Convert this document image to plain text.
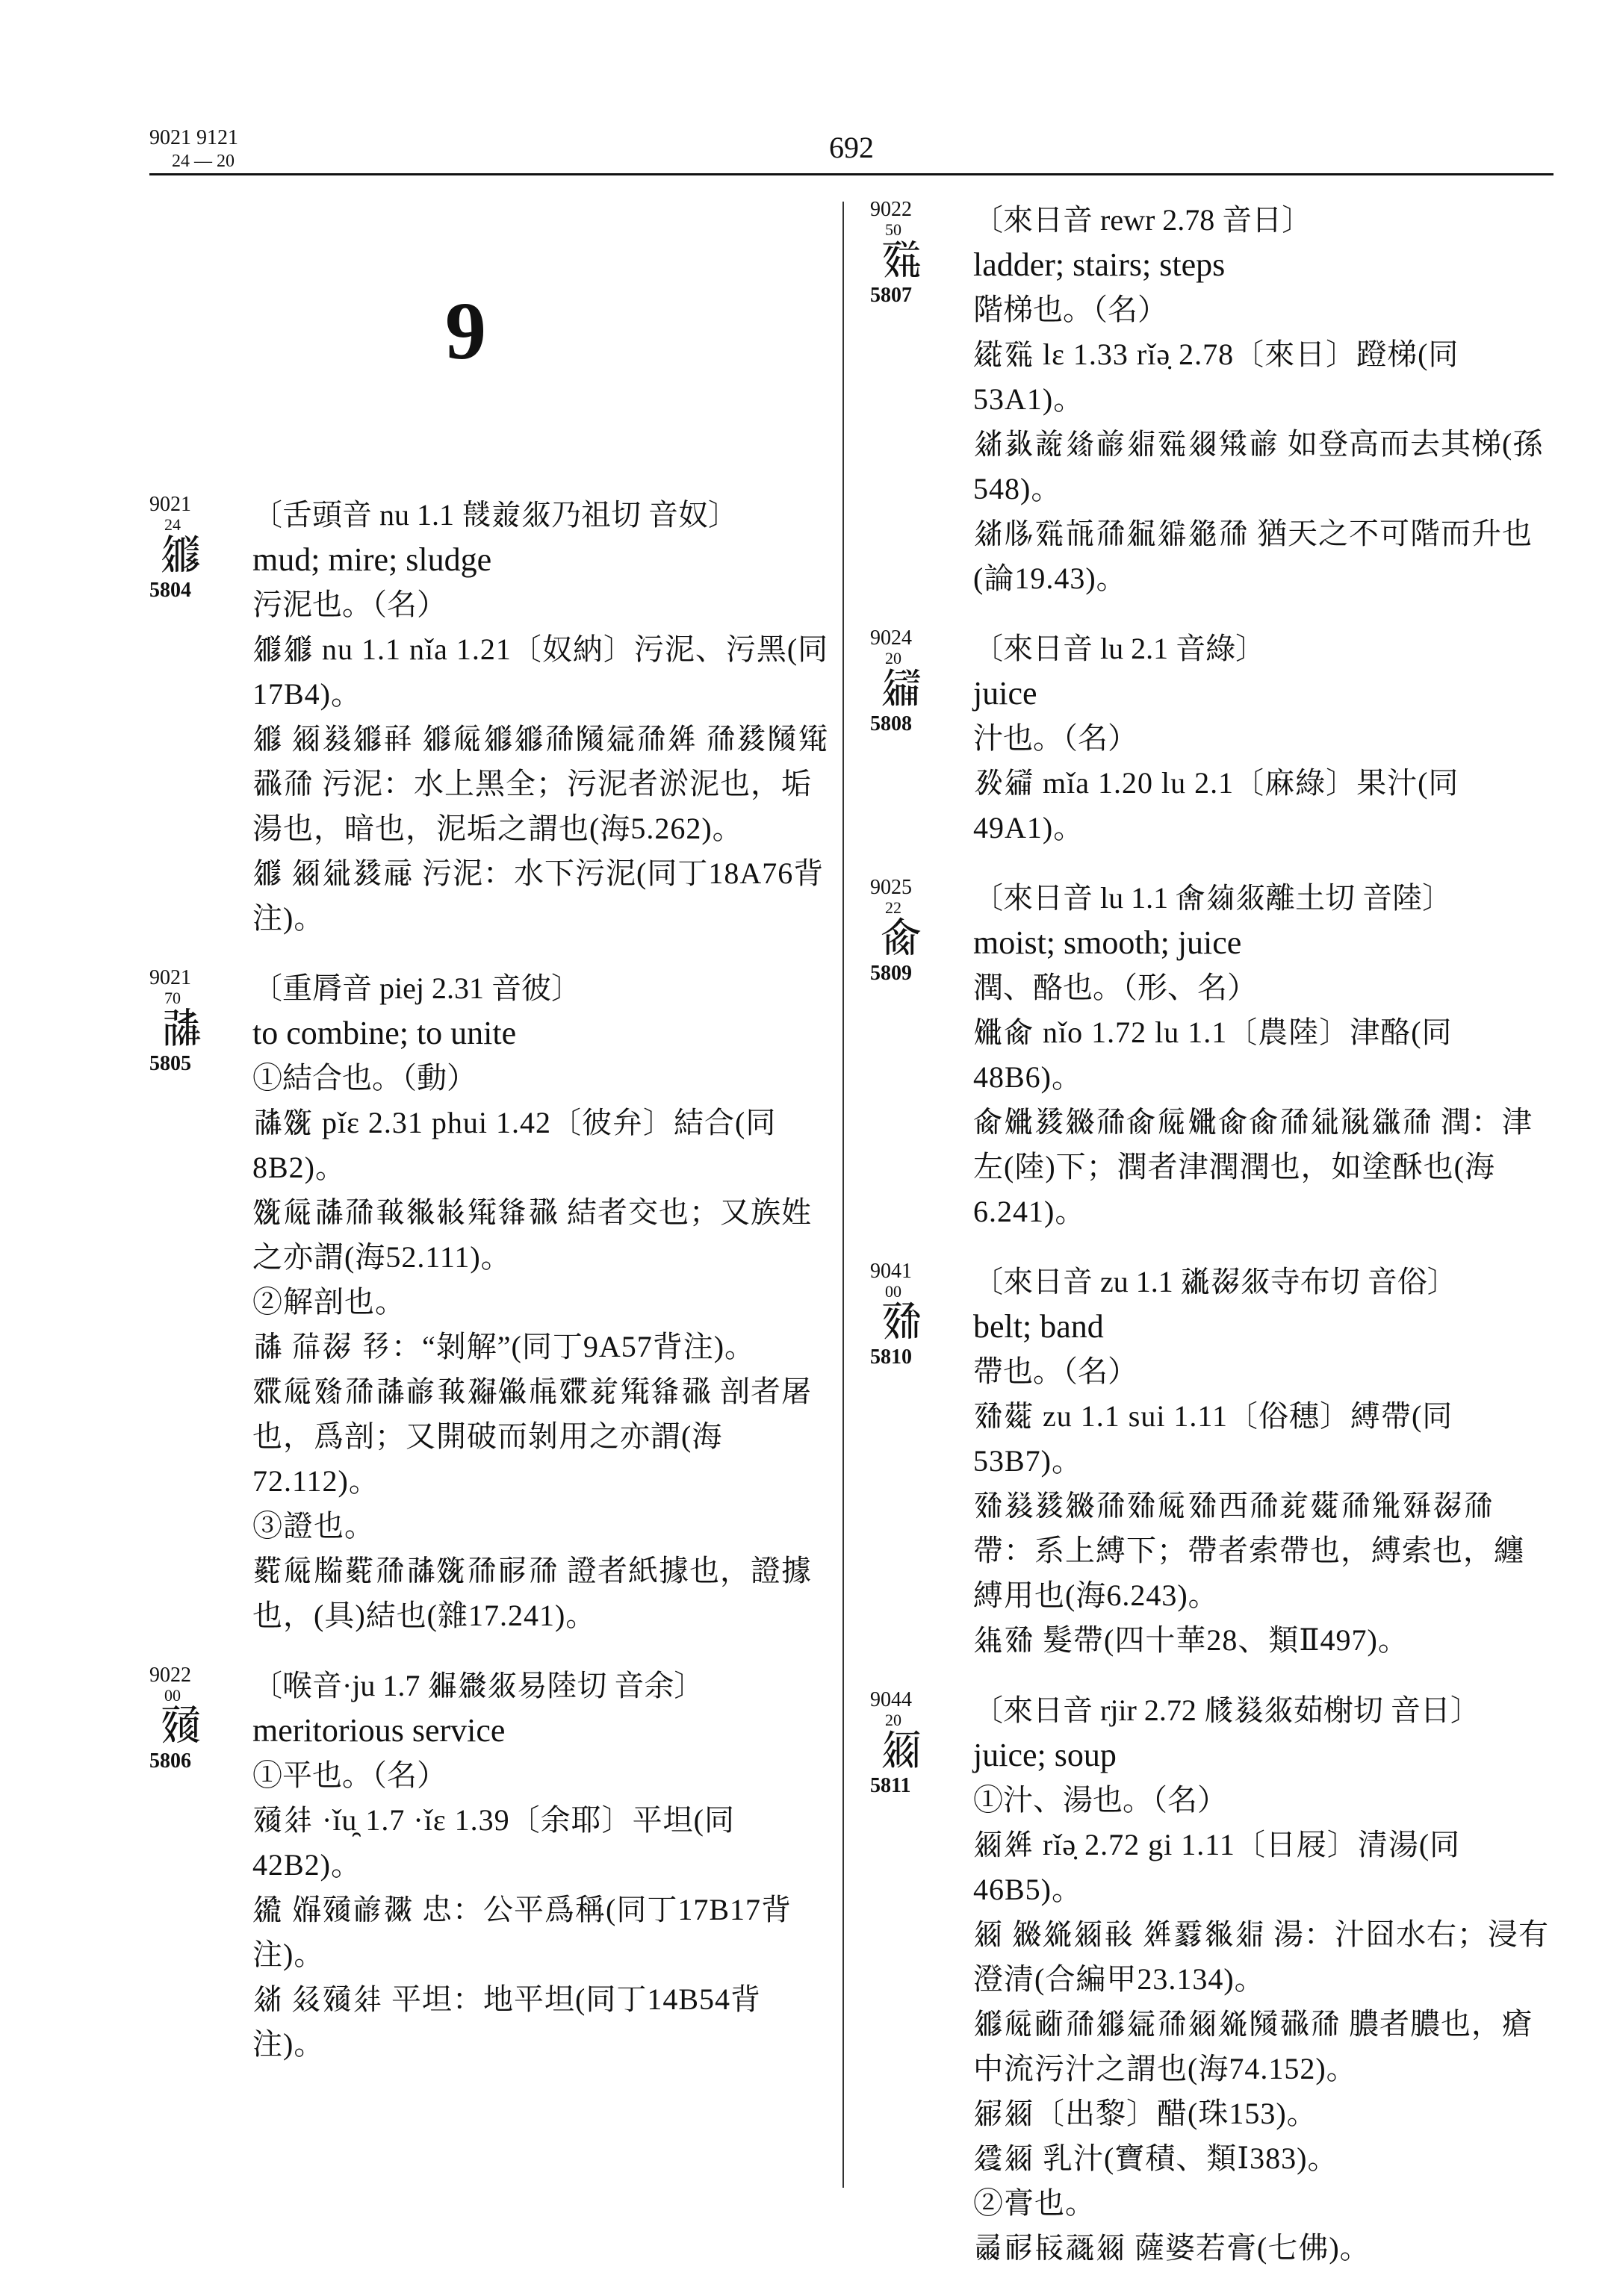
9021 9121
24 — 20	692
9
9021
24
𗧫
5804
〔舌頭音 nu 1.1 𘛂𗓱𗼇乃祖切 音奴〕
mud; mire; sludge
污泥也。（名）
𗧫𗧫 nu 1.1 nǐa 1.21〔奴納〕污泥、污黑(同17B4)。
𗧫 𗥃𗯹𗧫𗷲 𗧫𗏁𗧫𗧫𗗙𗂧𗦇𗗙𗤶 𗗙𗯿𗂧𗋕𗖻𗗙 污泥：水上黑全；污泥者淤泥也，垢湯也，暗也，泥垢之謂也(海5.262)。
𗧫 𗥃𗣼𗯿𗄊 污泥：水下污泥(同丁18A76背注)。
9021
70
𗰜
5805
〔重脣音 piej 2.31 音彼〕
to combine; to unite
①結合也。（動）
𗰜𗽓 pǐɛ 2.31 phui 1.42〔彼弁〕結合(同8B2)。
𗽓𗏁𗰜𗗙𘆄𗬫𗴒𗋕𗌭𗖻 結者交也；又族姓之亦謂(海52.111)。
②解剖也。
𗰜 𗗚𗖠 𗘈：“剝解”(同丁9A57背注)。
𗸭𗏁𗸮𗗙𗰜𗑗𘆄𗘅𗏹𗍫𗸭𗐱𗋕𗌭𗖻 剖者屠也，爲剖；又開破而剝用之亦謂(海72.112)。
③證也。
𗷎𗏁𗹨𗷎𗗙𗰜𗽓𗗙𗟲𗗙 證者紙據也，證據也，(具)結也(雜17.241)。
9022
00
𗸰
5806
〔喉音·ju 1.7 𗦬𗫦𗼇易陸切 音余〕
meritorious service
①平也。（名）
𗸰𗢳 ·ǐu̯ 1.7 ·ǐɛ 1.39〔余耶〕平坦(同42B2)。
𗫔 𗏵𗸰𗑗𗗂 忠：公平爲稱(同丁17B17背注)。
𗣫 𗣆𗸰𗢳 平坦：地平坦(同丁14B54背注)。
9022
50
𗸫
5807
〔來日音 rewr 2.78 音日〕
ladder; stairs; steps
階梯也。（名）
𗩱𗸫 lɛ 1.33 rǐə̣ 2.78〔來日〕蹬梯(同53A1)。
𗣫𗭩𗓰𗦳𗑗𗤋𗸫𗤓𗋽𗑗 如登高而去其梯(孫548)。
𗣫𗄵𗸫𗭍𗗙𗥑𗦗𗣪𗗙 猶天之不可階而升也(論19.43)。
9024
20
𗪸
5808
〔來日音 lu 2.1 音綠〕
juice
汁也。（名）
𗉔𗪸 mǐa 1.20 lu 2.1〔麻綠〕果汁(同49A1)。
9025
22
𗬽
5809
〔來日音 lu 1.1 𗭁𗦻𗼇離土切 音陸〕
moist; smooth; juice
潤、酪也。（形、名）
𗏶𗬽 nǐo 1.72 lu 1.1〔農陸〕津酪(同48B6)。
𗬽𗏶𗯿𗪷𗗙𗬽𗏁𗏶𗬽𗬽𗗙𗣼𗮀𗫡𗗙 潤：津左(陸)下；潤者津潤潤也，如塗酥也(海6.241)。
9041
00
𗸨
5810
〔來日音 zu 1.1 𗡶𗖠𗼇寺布切 音俗〕
belt; band
帶也。（名）
𗸨𗝠 zu 1.1 sui 1.11〔俗穗〕縛帶(同53B7)。
𗸨𗯹𗯿𗪷𗗙𗸨𗏁𗸨西𗗙𗐱𗝠𗗙𗊴𗸧𗖠𗗙 帶：系上縛下；帶者索帶也，縛索也，纏縛用也(海6.243)。
𗣜𗸨 髮帶(四十華28、類Ⅱ497)。
9044
20
𗥃
5811
〔來日音 rjir 2.72 𗢃𗯹𗼇茹榭切 音日〕
juice; soup
①汁、湯也。（名）
𗥃𗤶 rǐə̣ 2.72 gi 1.11〔日屐〕清湯(同46B5)。
𗥃 𗪷𗤷𗥃𗷰 𗤶𗵫𗬫𗤋 湯：汁囧水右；浸有澄清(合編甲23.134)。
𗧫𗏁𗠁𗗙𗧫𗦇𗗙𗥃𗤷𗂧𗖻𗗙 膿者膿也，瘡中流污汁之謂也(海74.152)。
𗦜𗥃〔出黎〕醋(珠153)。
𗩹𗥃 乳汁(寶積、類Ⅰ383)。
②膏也。
𗰭𗟲𗡿𗹙𗥃 薩婆若膏(七佛)。
